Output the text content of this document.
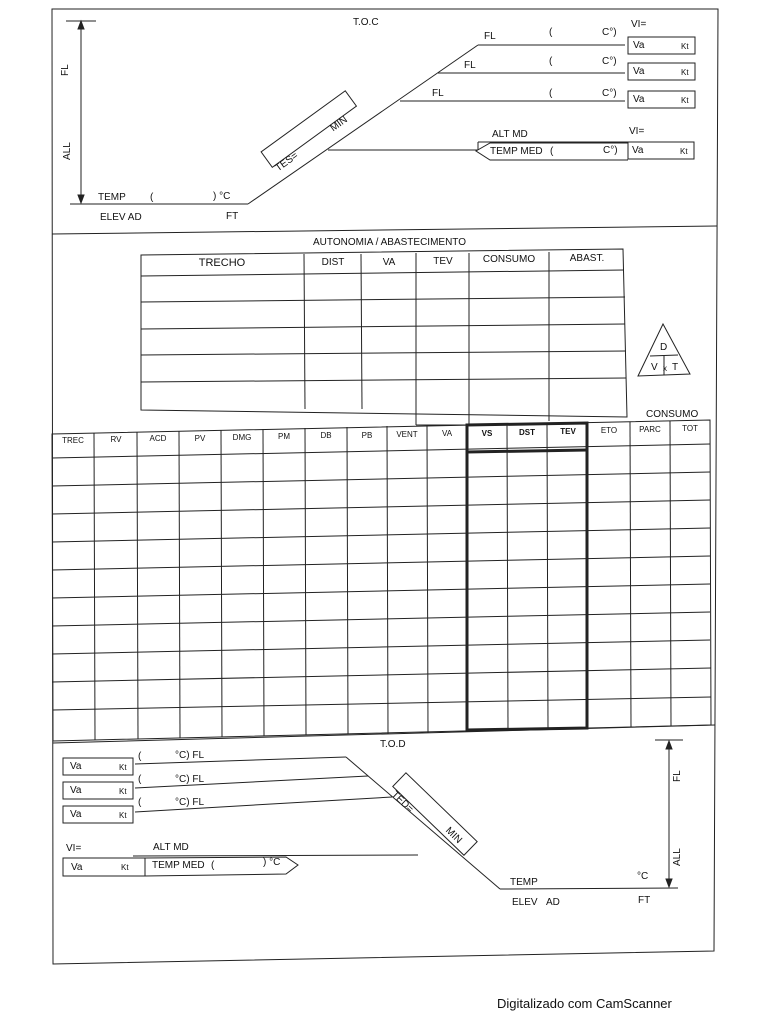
T.O.C
FL
ALL
TEMP (	) °C
ELEV AD	FT
TES=
MIN
FL	(	C°)
FL	(	C°)
FL	(	C°)
VI=
Va	Kt
Va	Kt
Va	Kt
ALT MD	VI=
TEMP MED (	C°) Va	Kt
AUTONOMIA / ABASTECIMENTO
TRECHO	DIST	VA	TEV	CONSUMO	ABAST.
D
V x T
CONSUMO
TREC	RV	ACD	PV	DMG	PM	DB	PB	VENT	VA	VS	DST	TEV	ETO	PARC	TOT
T.O.D
Va	Kt
(	°C) FL
Va	Kt
(	°C) FL
Va	Kt
(	°C) FL	TED=
MIN
VI=	ALT MD
Va	Kt TEMP MED (	) °C
TEMP
°C
ELEV AD	FT
FL
ALL
Digitalizado com CamScanner
